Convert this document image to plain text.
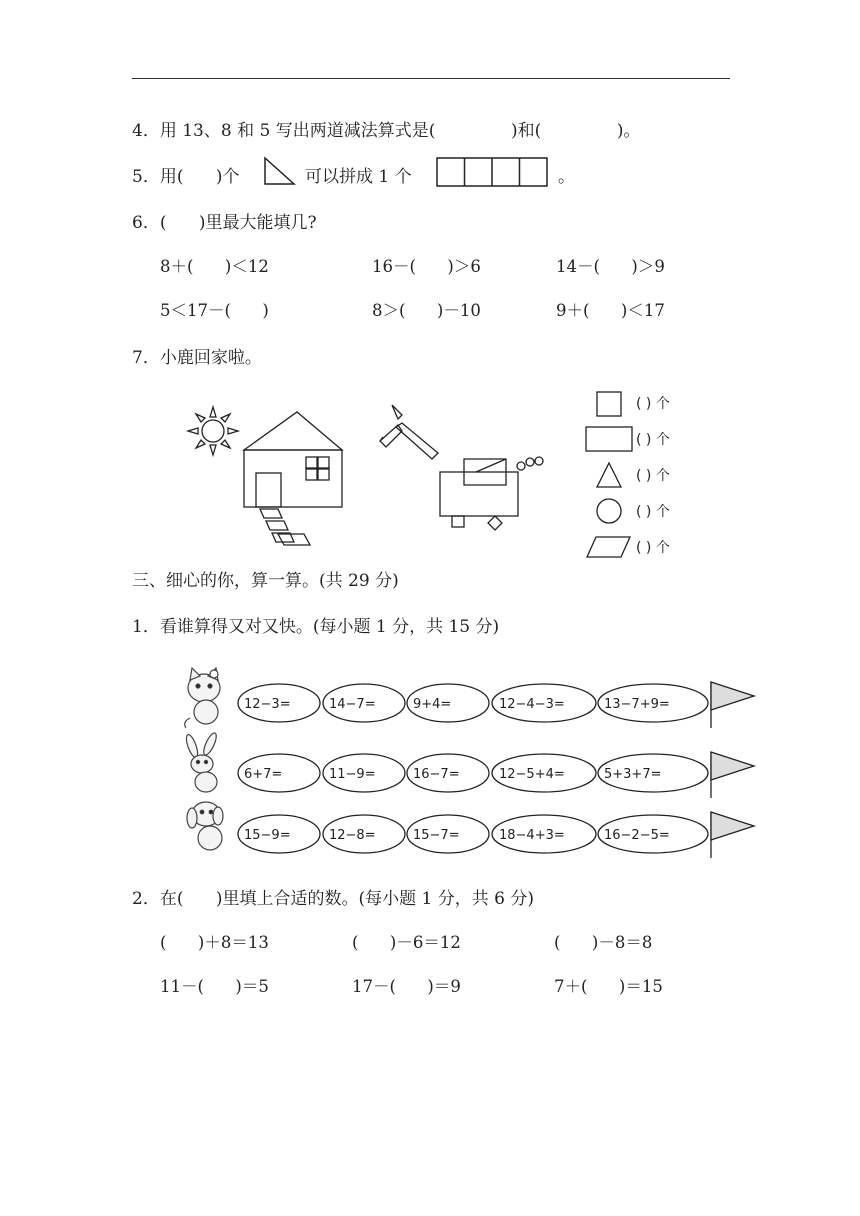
4．用 13、8 和 5 写出两道减法算式是(              )和(              )。
5．用(      )个	可以拼成 1 个	。
6．(      )里最大能填几?
8＋(      )＜12	16－(      )＞6	14－(      )＞9
5＜17－(      )	8＞(      )－10	9＋(      )＜17
7．小鹿回家啦。
( ) 个
( ) 个
( ) 个
( ) 个
( ) 个
三、细心的你，算一算。(共 29 分)
1．看谁算得又对又快。(每小题 1 分，共 15 分)
12−3=	14−7=	9+4=	12−4−3=	13−7+9=
6+7=	11−9=	16−7=	12−5+4=	5+3+7=
15−9=	12−8=	15−7=	18−4+3=	16−2−5=
2．在(      )里填上合适的数。(每小题 1 分，共 6 分)
(      )＋8＝13	(      )－6＝12	(      )－8＝8
11－(      )＝5	17－(      )＝9	7＋(      )＝15
